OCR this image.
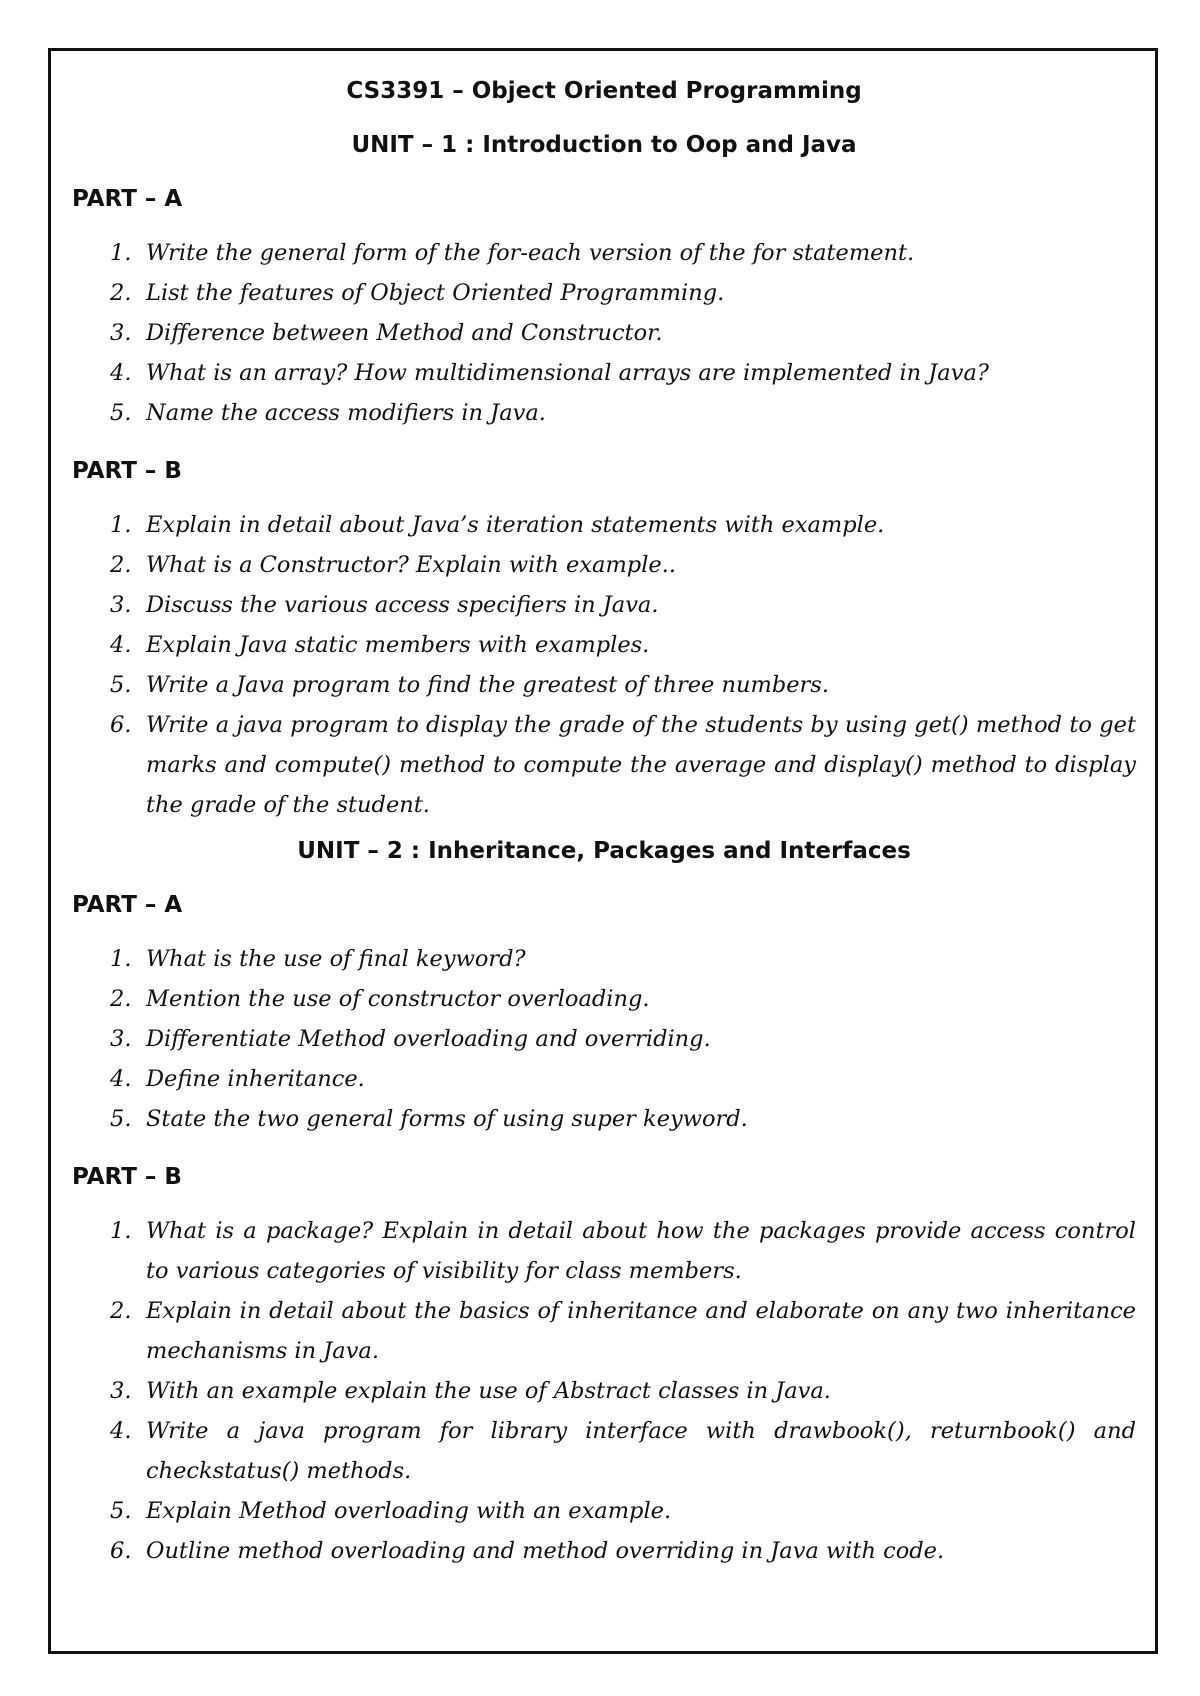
CS3391 – Object Oriented Programming
UNIT – 1 : Introduction to Oop and Java
PART – A
1. Write the general form of the for-each version of the for statement.
2. List the features of Object Oriented Programming.
3. Difference between Method and Constructor.
4. What is an array? How multidimensional arrays are implemented in Java?
5. Name the access modifiers in Java.
PART – B
1. Explain in detail about Java’s iteration statements with example.
2. What is a Constructor? Explain with example..
3. Discuss the various access specifiers in Java.
4. Explain Java static members with examples.
5. Write a Java program to find the greatest of three numbers.
6. Write a java program to display the grade of the students by using get() method to get marks and compute() method to compute the average and display() method to display the grade of the student.
UNIT – 2 : Inheritance, Packages and Interfaces
PART – A
1. What is the use of final keyword?
2. Mention the use of constructor overloading.
3. Differentiate Method overloading and overriding.
4. Define inheritance.
5. State the two general forms of using super keyword.
PART – B
1. What is a package? Explain in detail about how the packages provide access control to various categories of visibility for class members.
2. Explain in detail about the basics of inheritance and elaborate on any two inheritance mechanisms in Java.
3. With an example explain the use of Abstract classes in Java.
4. Write a java program for library interface with drawbook(), returnbook() and checkstatus() methods.
5. Explain Method overloading with an example.
6. Outline method overloading and method overriding in Java with code.
